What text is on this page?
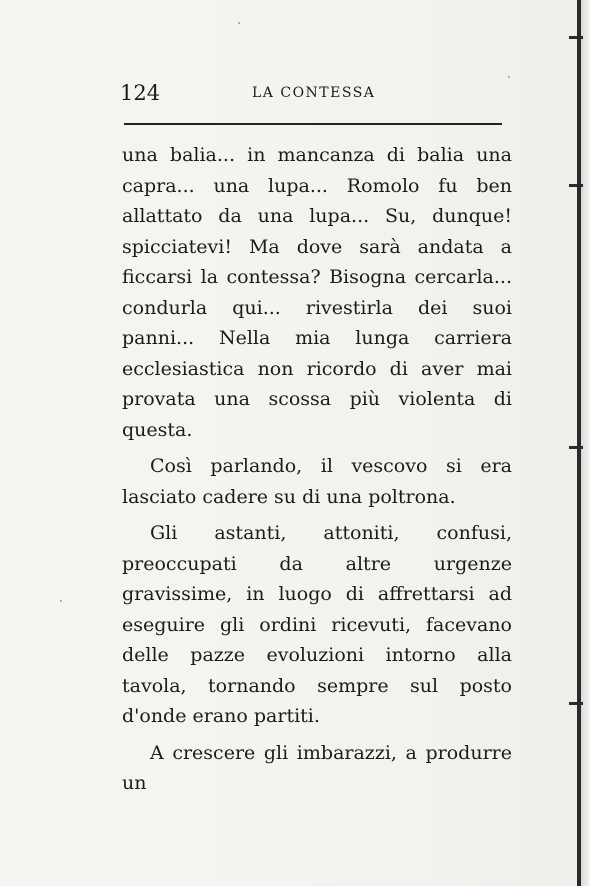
124	LA CONTESSA

una balia... in mancanza di balia una capra... una lupa... Romolo fu ben allattato da una lupa... Su, dunque! spicciatevi! Ma dove sarà andata a ficcarsi la contessa? Bisogna cercarla... condurla qui... rivestirla dei suoi panni... Nella mia lunga carriera ecclesiastica non ricordo di aver mai provata una scossa più violenta di questa.

Così parlando, il vescovo si era lasciato cadere su di una poltrona.

Gli astanti, attoniti, confusi, preoccupati da altre urgenze gravissime, in luogo di affrettarsi ad eseguire gli ordini ricevuti, facevano delle pazze evoluzioni intorno alla tavola, tornando sempre sul posto d'onde erano partiti.

A crescere gli imbarazzi, a produrre un
